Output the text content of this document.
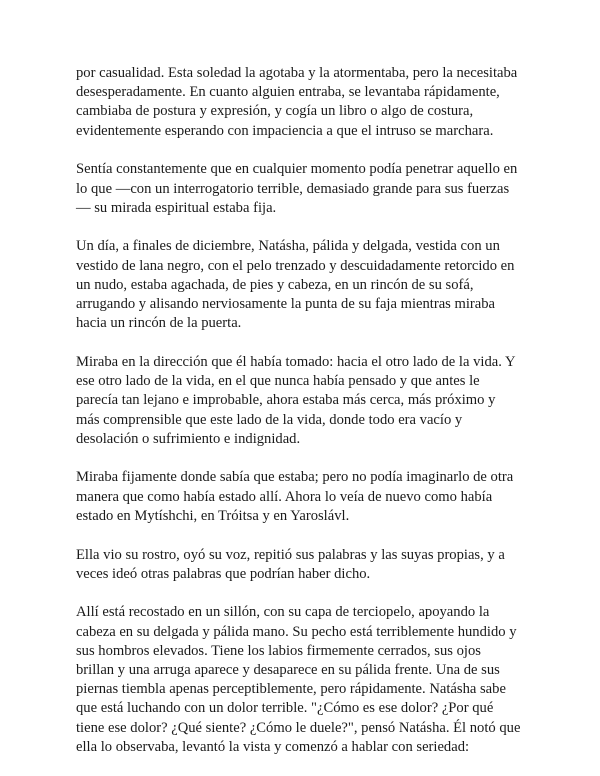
por casualidad. Esta soledad la agotaba y la atormentaba, pero la necesitaba
desesperadamente. En cuanto alguien entraba, se levantaba rápidamente,
cambiaba de postura y expresión, y cogía un libro o algo de costura,
evidentemente esperando con impaciencia a que el intruso se marchara.

Sentía constantemente que en cualquier momento podía penetrar aquello en
lo que —con un interrogatorio terrible, demasiado grande para sus fuerzas
— su mirada espiritual estaba fija.

Un día, a finales de diciembre, Natásha, pálida y delgada, vestida con un
vestido de lana negro, con el pelo trenzado y descuidadamente retorcido en
un nudo, estaba agachada, de pies y cabeza, en un rincón de su sofá,
arrugando y alisando nerviosamente la punta de su faja mientras miraba
hacia un rincón de la puerta.

Miraba en la dirección que él había tomado: hacia el otro lado de la vida. Y
ese otro lado de la vida, en el que nunca había pensado y que antes le
parecía tan lejano e improbable, ahora estaba más cerca, más próximo y
más comprensible que este lado de la vida, donde todo era vacío y
desolación o sufrimiento e indignidad.

Miraba fijamente donde sabía que estaba; pero no podía imaginarlo de otra
manera que como había estado allí. Ahora lo veía de nuevo como había
estado en Mytíshchi, en Tróitsa y en Yaroslávl.

Ella vio su rostro, oyó su voz, repitió sus palabras y las suyas propias, y a
veces ideó otras palabras que podrían haber dicho.

Allí está recostado en un sillón, con su capa de terciopelo, apoyando la
cabeza en su delgada y pálida mano. Su pecho está terriblemente hundido y
sus hombros elevados. Tiene los labios firmemente cerrados, sus ojos
brillan y una arruga aparece y desaparece en su pálida frente. Una de sus
piernas tiembla apenas perceptiblemente, pero rápidamente. Natásha sabe
que está luchando con un dolor terrible. "¿Cómo es ese dolor? ¿Por qué
tiene ese dolor? ¿Qué siente? ¿Cómo le duele?", pensó Natásha. Él notó que
ella lo observaba, levantó la vista y comenzó a hablar con seriedad:
